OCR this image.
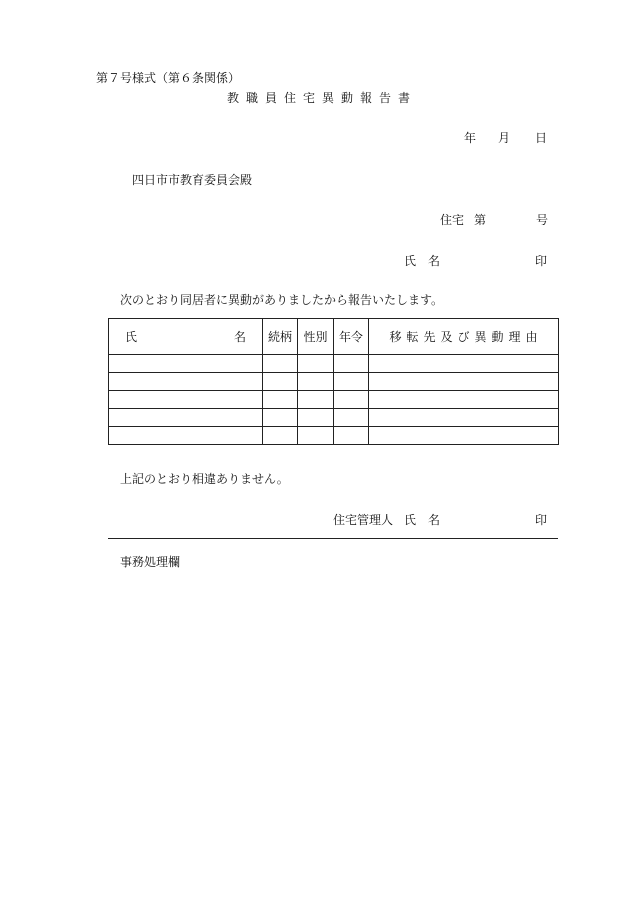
第７号様式（第６条関係）
教職員住宅異動報告書
年 月 日
四日市市教育委員会殿
住宅 第	号
氏名	印
次のとおり同居者に異動がありましたから報告いたします。
氏 名	続柄	性別	年令	移転先及び異動理由

上記のとおり相違ありません。
住宅管理人 氏名	印
事務処理欄
